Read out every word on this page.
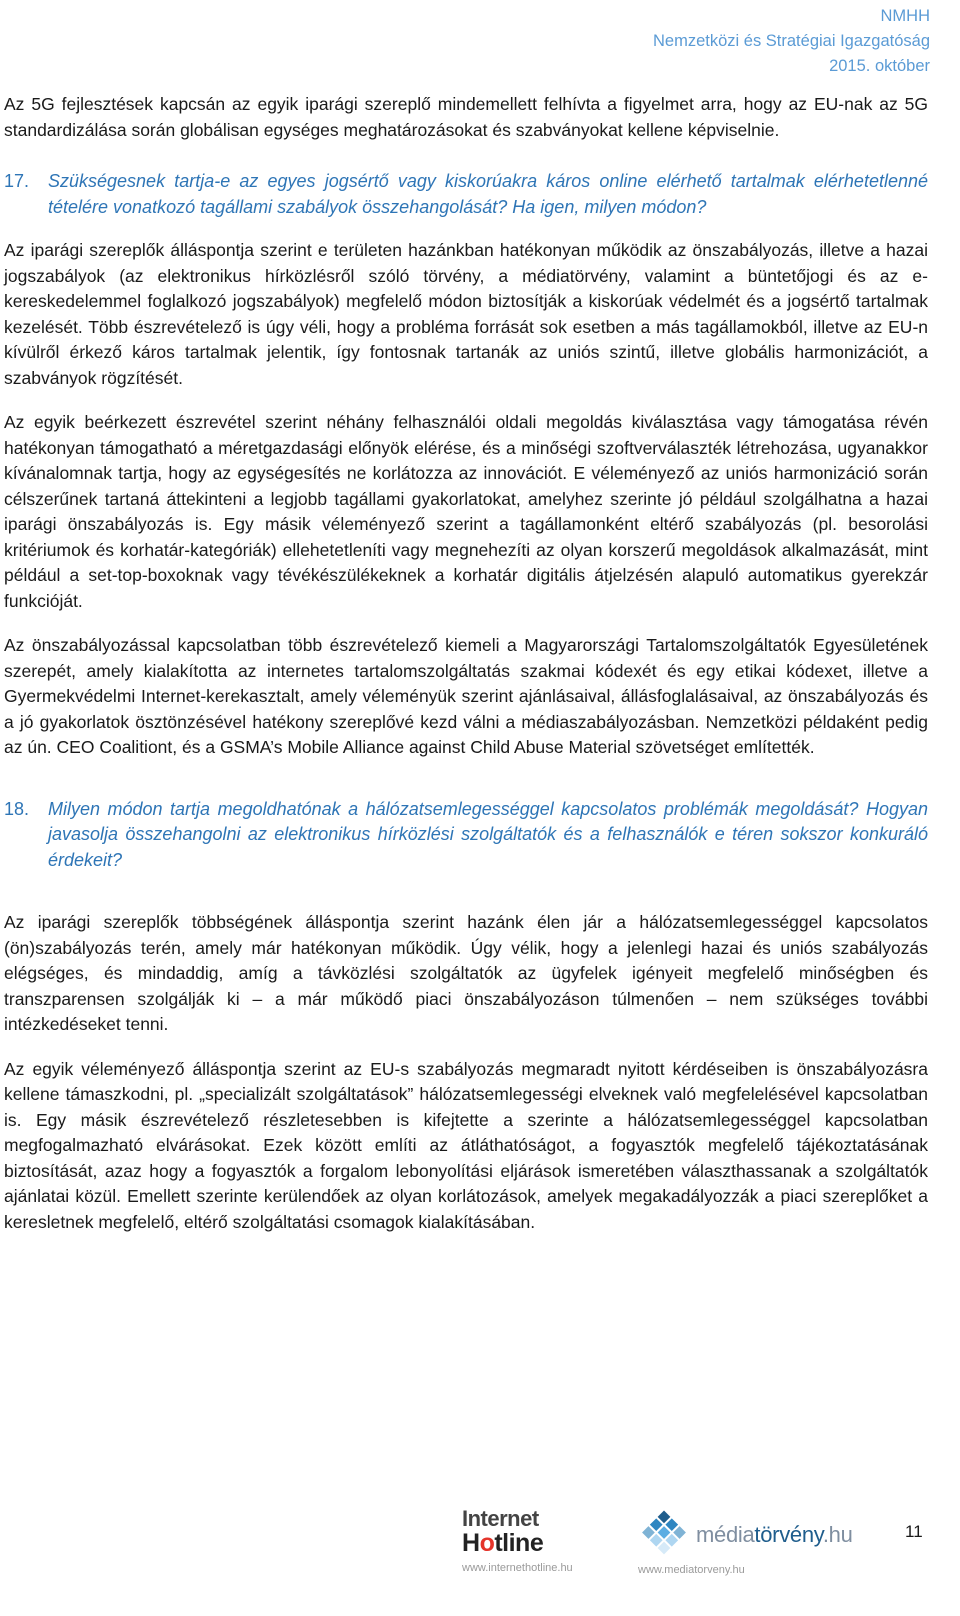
NMHH
Nemzetközi és Stratégiai Igazgatóság
2015. október

Az 5G fejlesztések kapcsán az egyik iparági szereplő mindemellett felhívta a figyelmet arra, hogy az EU-nak az 5G standardizálása során globálisan egységes meghatározásokat és szabványokat kellene képviselnie.

17.	Szükségesnek tartja-e az egyes jogsértő vagy kiskorúakra káros online elérhető tartalmak elérhetetlenné tételére vonatkozó tagállami szabályok összehangolását? Ha igen, milyen módon?

Az iparági szereplők álláspontja szerint e területen hazánkban hatékonyan működik az önszabályozás, illetve a hazai jogszabályok (az elektronikus hírközlésről szóló törvény, a médiatörvény, valamint a büntetőjogi és az e-kereskedelemmel foglalkozó jogszabályok) megfelelő módon biztosítják a kiskorúak védelmét és a jogsértő tartalmak kezelését. Több észrevételező is úgy véli, hogy a probléma forrását sok esetben a más tagállamokból, illetve az EU-n kívülről érkező káros tartalmak jelentik, így fontosnak tartanák az uniós szintű, illetve globális harmonizációt, a szabványok rögzítését.

Az egyik beérkezett észrevétel szerint néhány felhasználói oldali megoldás kiválasztása vagy támogatása révén hatékonyan támogatható a méretgazdasági előnyök elérése, és a minőségi szoftverválaszték létrehozása, ugyanakkor kívánalomnak tartja, hogy az egységesítés ne korlátozza az innovációt. E véleményező az uniós harmonizáció során célszerűnek tartaná áttekinteni a legjobb tagállami gyakorlatokat, amelyhez szerinte jó például szolgálhatna a hazai iparági önszabályozás is. Egy másik véleményező szerint a tagállamonként eltérő szabályozás (pl. besorolási kritériumok és korhatár-kategóriák) ellehetetleníti vagy megnehezíti az olyan korszerű megoldások alkalmazását, mint például a set-top-boxoknak vagy tévékészülékeknek a korhatár digitális átjelzésén alapuló automatikus gyerekzár funkcióját.

Az önszabályozással kapcsolatban több észrevételező kiemeli a Magyarországi Tartalomszolgáltatók Egyesületének szerepét, amely kialakította az internetes tartalomszolgáltatás szakmai kódexét és egy etikai kódexet, illetve a Gyermekvédelmi Internet-kerekasztalt, amely véleményük szerint ajánlásaival, állásfoglalásaival, az önszabályozás és a jó gyakorlatok ösztönzésével hatékony szereplővé kezd válni a médiaszabályozásban. Nemzetközi példaként pedig az ún. CEO Coalitiont, és a GSMA’s Mobile Alliance against Child Abuse Material szövetséget említették.

18.	Milyen módon tartja megoldhatónak a hálózatsemlegességgel kapcsolatos problémák megoldását? Hogyan javasolja összehangolni az elektronikus hírközlési szolgáltatók és a felhasználók e téren sokszor konkuráló érdekeit?

Az iparági szereplők többségének álláspontja szerint hazánk élen jár a hálózatsemlegességgel kapcsolatos (ön)szabályozás terén, amely már hatékonyan működik. Úgy vélik, hogy a jelenlegi hazai és uniós szabályozás elégséges, és mindaddig, amíg a távközlési szolgáltatók az ügyfelek igényeit megfelelő minőségben és transzparensen szolgálják ki – a már működő piaci önszabályozáson túlmenően – nem szükséges további intézkedéseket tenni.

Az egyik véleményező álláspontja szerint az EU-s szabályozás megmaradt nyitott kérdéseiben is önszabályozásra kellene támaszkodni, pl. „specializált szolgáltatások” hálózatsemlegességi elveknek való megfelelésével kapcsolatban is. Egy másik észrevételező részletesebben is kifejtette a szerinte a hálózatsemlegességgel kapcsolatban megfogalmazható elvárásokat. Ezek között említi az átláthatóságot, a fogyasztók megfelelő tájékoztatásának biztosítását, azaz hogy a fogyasztók a forgalom lebonyolítási eljárások ismeretében választhassanak a szolgáltatók ajánlatai közül. Emellett szerinte kerülendőek az olyan korlátozások, amelyek megakadályozzák a piaci szereplőket a keresletnek megfelelő, eltérő szolgáltatási csomagok kialakításában.

Internet
Hotline
www.internethotline.hu
médiatörvény.hu
www.mediatorveny.hu
11
